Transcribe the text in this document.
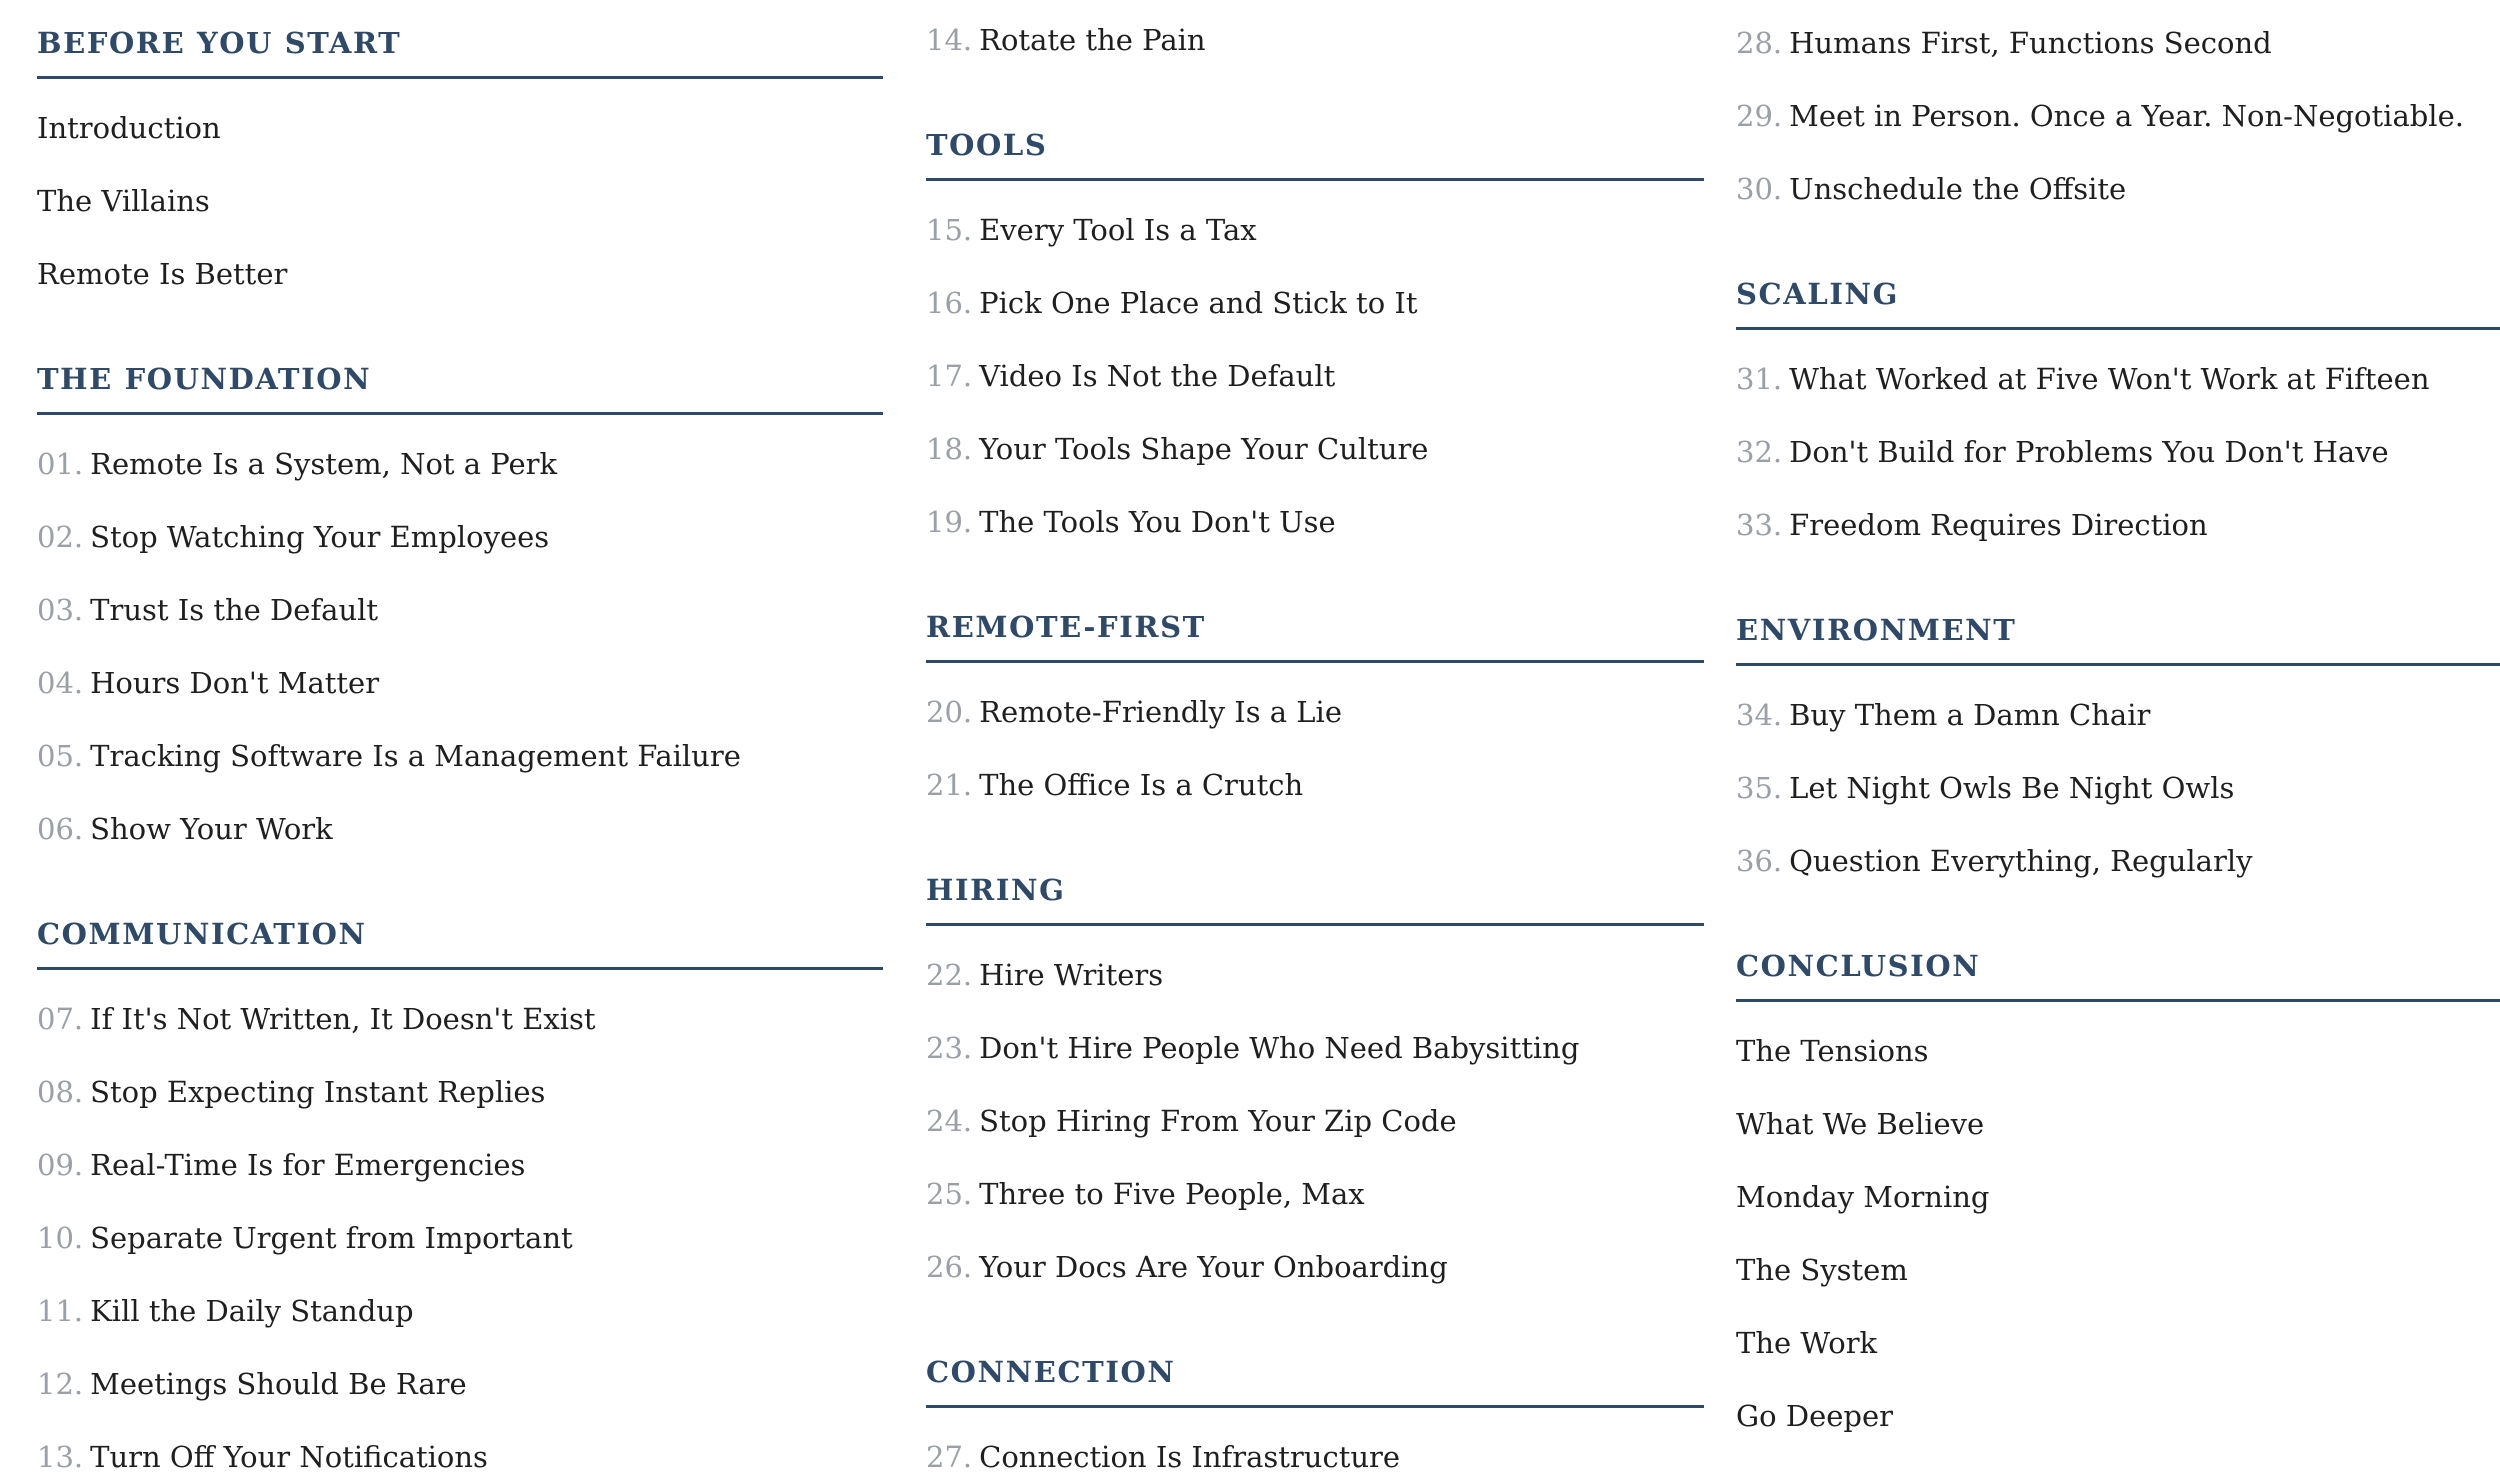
BEFORE YOU START
Introduction
The Villains
Remote Is Better
THE FOUNDATION
01. Remote Is a System, Not a Perk
02. Stop Watching Your Employees
03. Trust Is the Default
04. Hours Don't Matter
05. Tracking Software Is a Management Failure
06. Show Your Work
COMMUNICATION
07. If It's Not Written, It Doesn't Exist
08. Stop Expecting Instant Replies
09. Real-Time Is for Emergencies
10. Separate Urgent from Important
11. Kill the Daily Standup
12. Meetings Should Be Rare
13. Turn Off Your Notifications
14. Rotate the Pain
TOOLS
15. Every Tool Is a Tax
16. Pick One Place and Stick to It
17. Video Is Not the Default
18. Your Tools Shape Your Culture
19. The Tools You Don't Use
REMOTE-FIRST
20. Remote-Friendly Is a Lie
21. The Office Is a Crutch
HIRING
22. Hire Writers
23. Don't Hire People Who Need Babysitting
24. Stop Hiring From Your Zip Code
25. Three to Five People, Max
26. Your Docs Are Your Onboarding
CONNECTION
27. Connection Is Infrastructure
28. Humans First, Functions Second
29. Meet in Person. Once a Year. Non-Negotiable.
30. Unschedule the Offsite
SCALING
31. What Worked at Five Won't Work at Fifteen
32. Don't Build for Problems You Don't Have
33. Freedom Requires Direction
ENVIRONMENT
34. Buy Them a Damn Chair
35. Let Night Owls Be Night Owls
36. Question Everything, Regularly
CONCLUSION
The Tensions
What We Believe
Monday Morning
The System
The Work
Go Deeper
